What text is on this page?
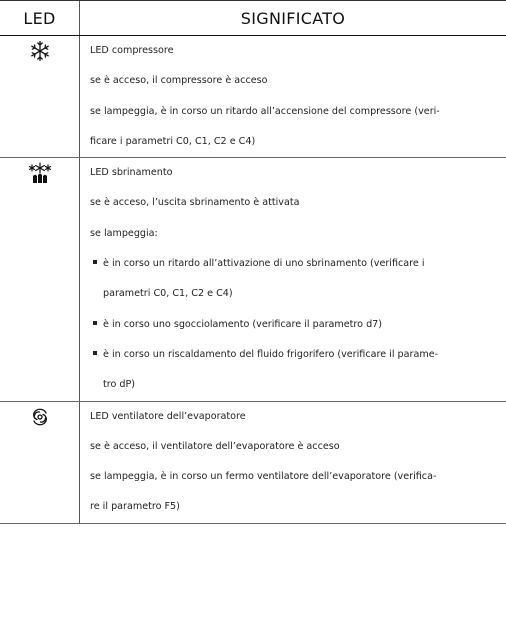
LED	SIGNIFICATO
LED compressore
se è acceso, il compressore è acceso
se lampeggia, è in corso un ritardo all’accensione del compressore (veri-
ficare i parametri C0, C1, C2 e C4)
LED sbrinamento
se è acceso, l’uscita sbrinamento è attivata
se lampeggia:
è in corso un ritardo all’attivazione di uno sbrinamento (verificare i
parametri C0, C1, C2 e C4)
è in corso uno sgocciolamento (verificare il parametro d7)
è in corso un riscaldamento del fluido frigorifero (verificare il parame-
tro dP)
LED ventilatore dell’evaporatore
se è acceso, il ventilatore dell’evaporatore è acceso
se lampeggia, è in corso un fermo ventilatore dell’evaporatore (verifica-
re il parametro F5)
